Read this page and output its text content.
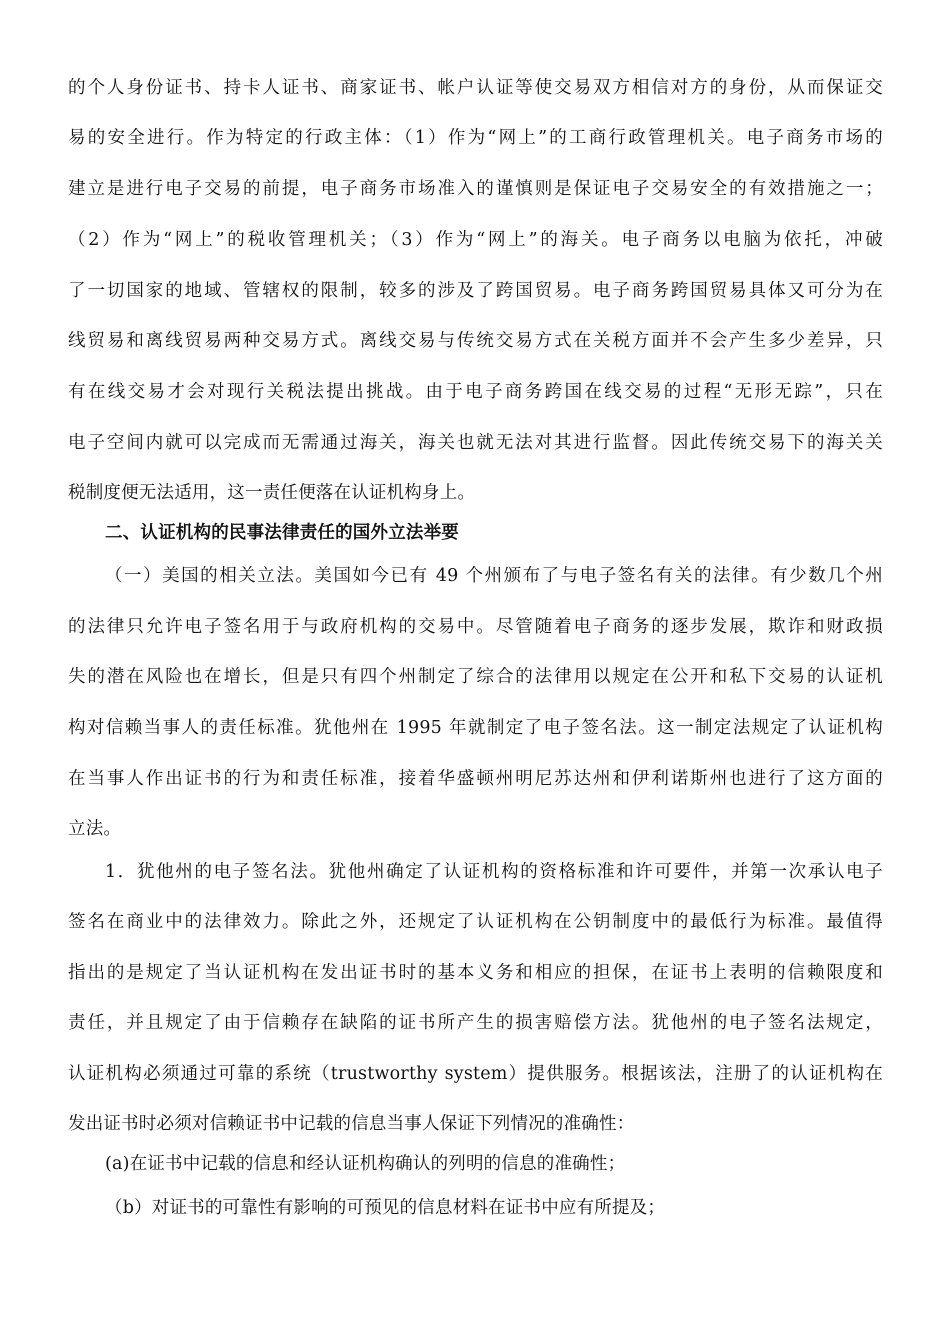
的个人身份证书、持卡人证书、商家证书、帐户认证等使交易双方相信对方的身份，从而保证交
易的安全进行。作为特定的行政主体：（1）作为“网上”的工商行政管理机关。电子商务市场的
建立是进行电子交易的前提，电子商务市场准入的谨慎则是保证电子交易安全的有效措施之一；
（2）作为“网上”的税收管理机关；（3）作为“网上”的海关。电子商务以电脑为依托，冲破
了一切国家的地域、管辖权的限制，较多的涉及了跨国贸易。电子商务跨国贸易具体又可分为在
线贸易和离线贸易两种交易方式。离线交易与传统交易方式在关税方面并不会产生多少差异，只
有在线交易才会对现行关税法提出挑战。由于电子商务跨国在线交易的过程“无形无踪”，只在
电子空间内就可以完成而无需通过海关，海关也就无法对其进行监督。因此传统交易下的海关关
税制度便无法适用，这一责任便落在认证机构身上。
二、认证机构的民事法律责任的国外立法举要
（一）美国的相关立法。美国如今已有 49 个州颁布了与电子签名有关的法律。有少数几个州
的法律只允许电子签名用于与政府机构的交易中。尽管随着电子商务的逐步发展，欺诈和财政损
失的潜在风险也在增长，但是只有四个州制定了综合的法律用以规定在公开和私下交易的认证机
构对信赖当事人的责任标准。犹他州在 1995 年就制定了电子签名法。这一制定法规定了认证机构
在当事人作出证书的行为和责任标准，接着华盛顿州明尼苏达州和伊利诺斯州也进行了这方面的
立法。
1．犹他州的电子签名法。犹他州确定了认证机构的资格标准和许可要件，并第一次承认电子
签名在商业中的法律效力。除此之外，还规定了认证机构在公钥制度中的最低行为标准。最值得
指出的是规定了当认证机构在发出证书时的基本义务和相应的担保，在证书上表明的信赖限度和
责任，并且规定了由于信赖存在缺陷的证书所产生的损害赔偿方法。犹他州的电子签名法规定，
认证机构必须通过可靠的系统（trustworthy system）提供服务。根据该法，注册了的认证机构在
发出证书时必须对信赖证书中记载的信息当事人保证下列情况的准确性：
(a)在证书中记载的信息和经认证机构确认的列明的信息的准确性；
（b）对证书的可靠性有影响的可预见的信息材料在证书中应有所提及；
